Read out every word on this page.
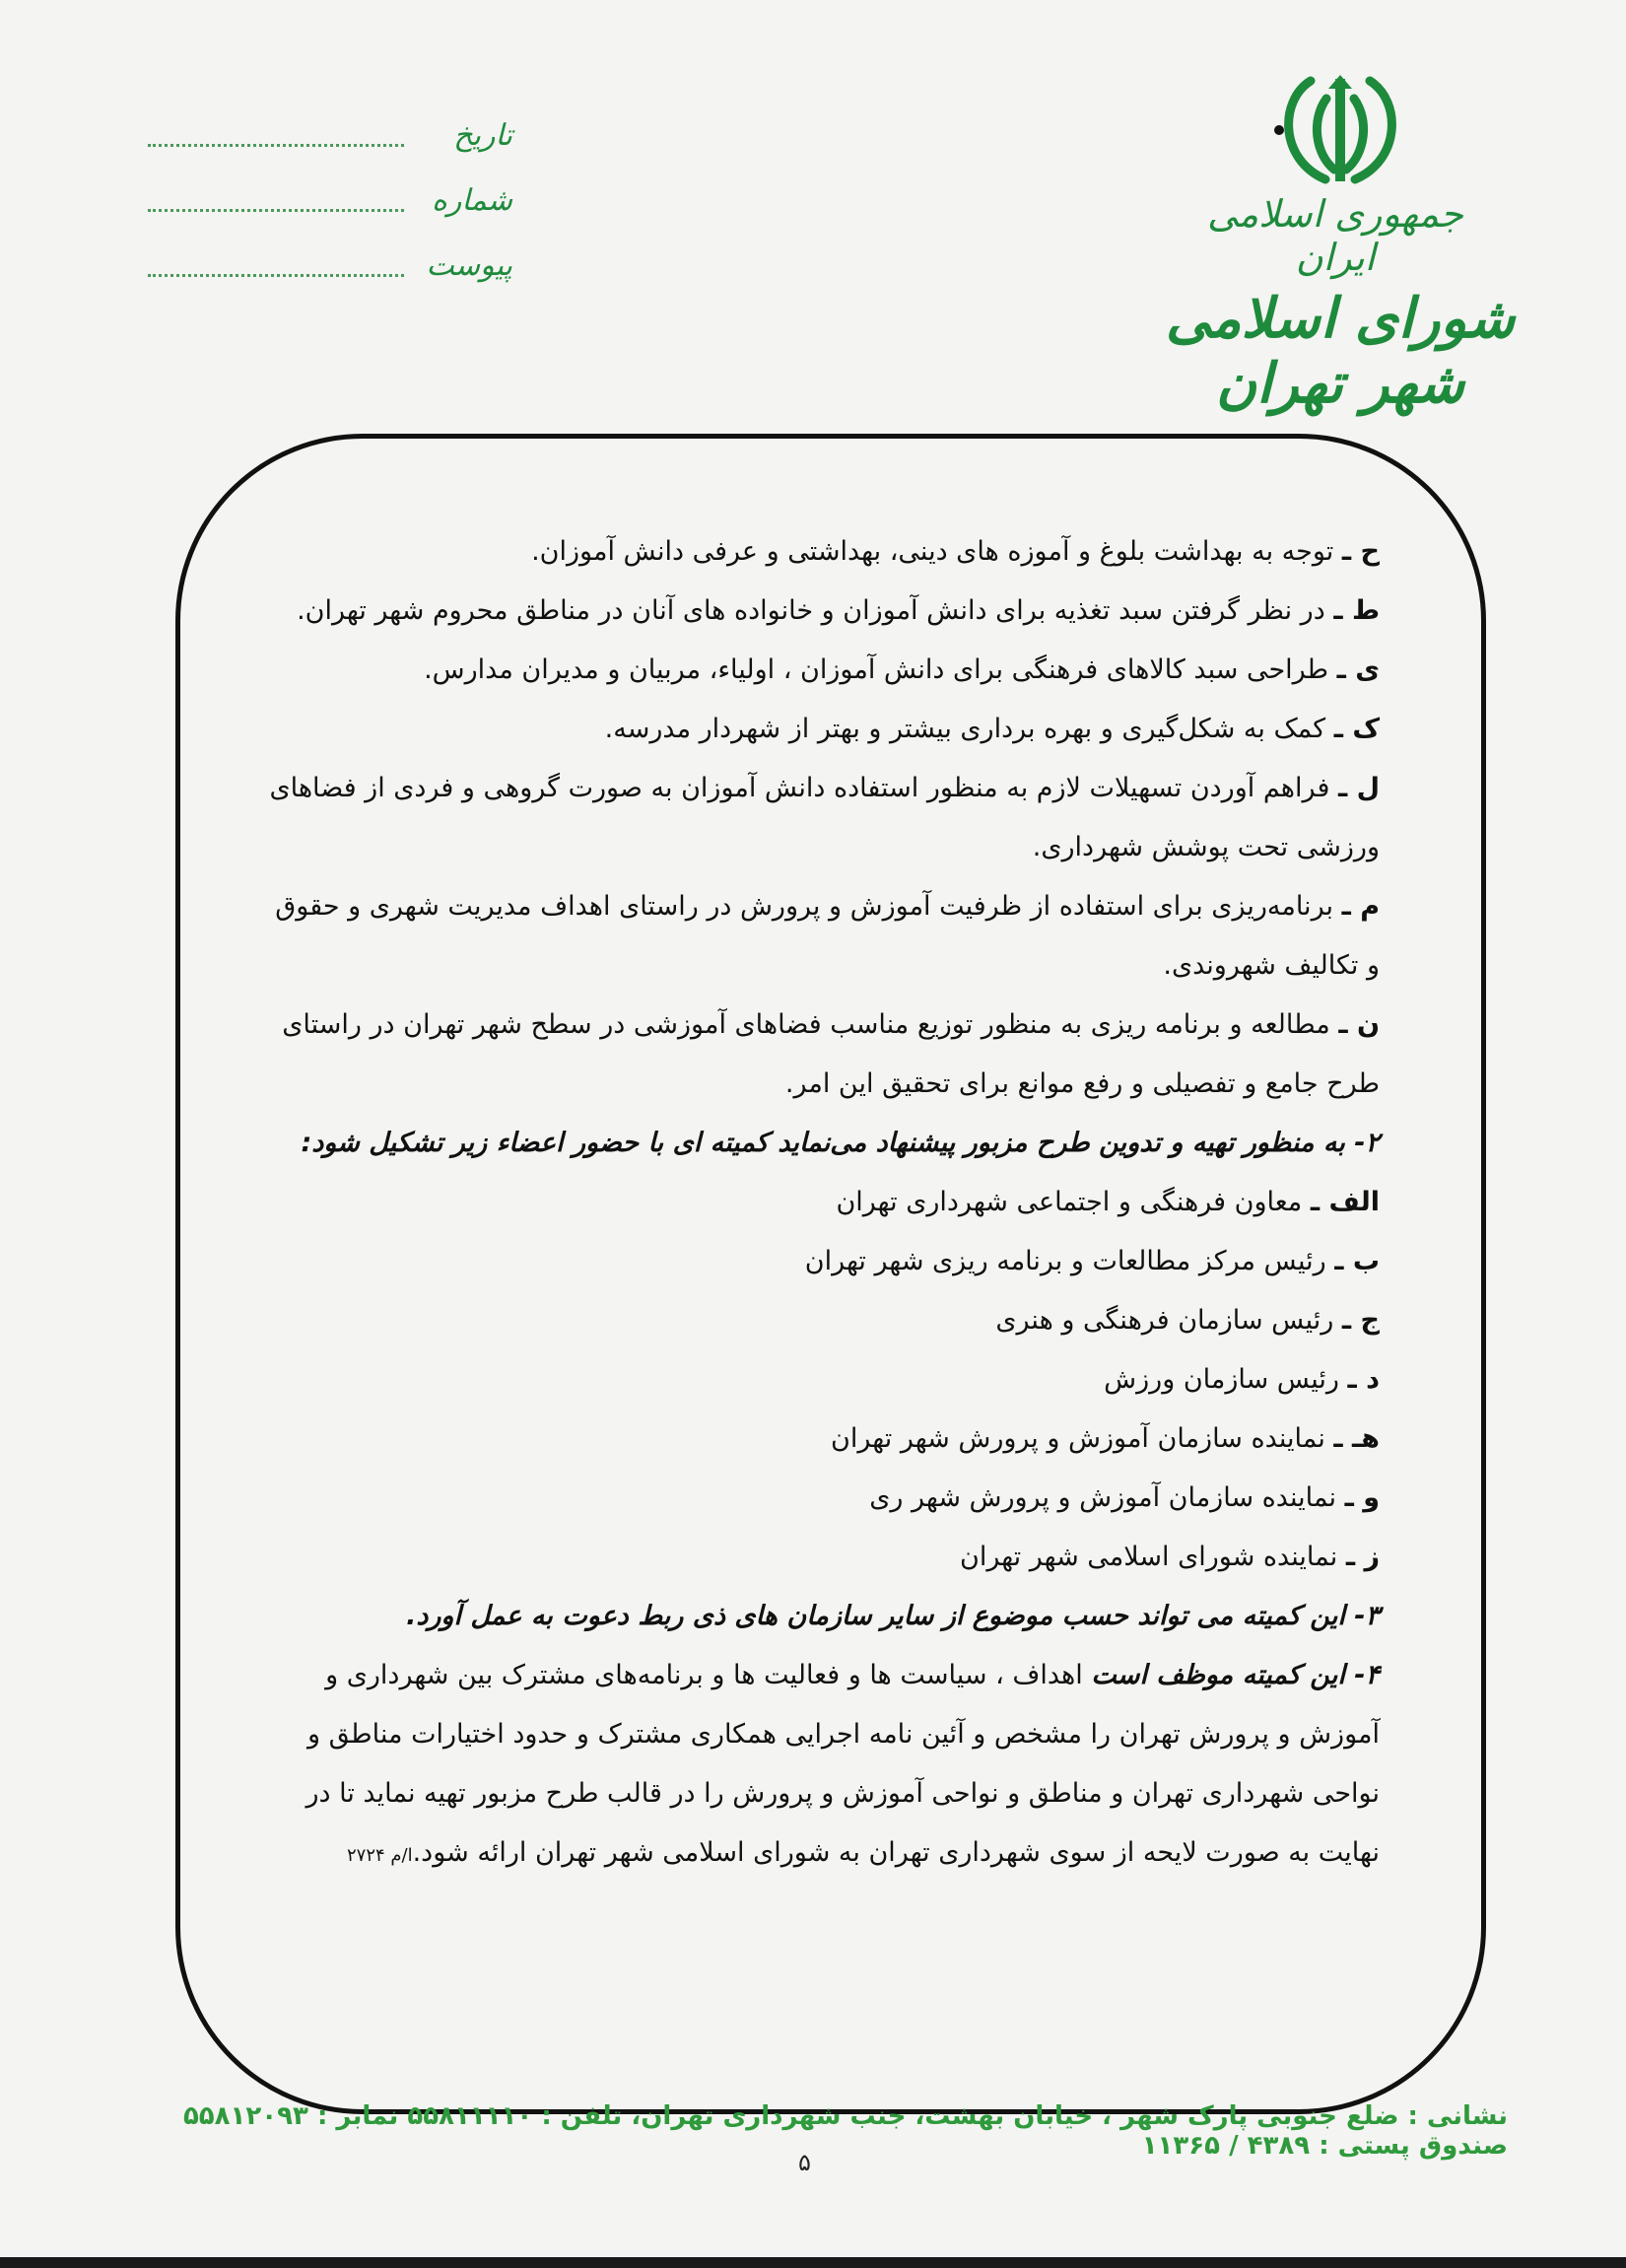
جمهوری اسلامی ایران
شورای اسلامی شهر تهران
تاریخ
شماره
پیوست

ح ـ توجه به بهداشت بلوغ و آموزه های دینی، بهداشتی و عرفی دانش آموزان.

ط ـ در نظر گرفتن سبد تغذیه برای دانش آموزان و خانواده های آنان در مناطق محروم شهر تهران.

ی ـ طراحی سبد کالاهای فرهنگی برای دانش آموزان ، اولیاء، مربیان و مدیران مدارس.

ک ـ کمک به شکل‌گیری و بهره برداری بیشتر و بهتر از شهردار مدرسه.

ل ـ فراهم آوردن تسهیلات لازم به منظور استفاده دانش آموزان به صورت گروهی و فردی از فضاهای ورزشی تحت پوشش شهرداری.

م ـ برنامه‌ریزی برای استفاده از ظرفیت آموزش و پرورش در راستای اهداف مدیریت شهری و حقوق و تکالیف شهروندی.

ن ـ مطالعه و برنامه ریزی به منظور توزیع مناسب فضاهای آموزشی در سطح شهر تهران در راستای طرح جامع و تفصیلی و رفع موانع برای تحقیق این امر.

۲- به منظور تهیه و تدوین طرح مزبور پیشنهاد می‌نماید کمیته ای با حضور اعضاء زیر تشکیل شود:

الف ـ معاون فرهنگی و اجتماعی شهرداری تهران

ب ـ رئیس مرکز مطالعات و برنامه ریزی شهر تهران

ج ـ رئیس سازمان فرهنگی و هنری

د ـ رئیس سازمان ورزش

هـ ـ نماینده سازمان آموزش و پرورش شهر تهران

و ـ نماینده سازمان آموزش و پرورش شهر ری

ز ـ نماینده شورای اسلامی شهر تهران

۳- این کمیته می تواند حسب موضوع از سایر سازمان های ذی ربط دعوت به عمل آورد.

۴- این کمیته موظف است اهداف ، سیاست ها و فعالیت ها و برنامه‌های مشترک بین شهرداری و آموزش و پرورش تهران را مشخص و آئین نامه اجرایی همکاری مشترک و حدود اختیارات مناطق و نواحی شهرداری تهران و مناطق و نواحی آموزش و پرورش را در قالب طرح مزبور تهیه نماید تا در نهایت به صورت لایحه از سوی شهرداری تهران به شورای اسلامی شهر تهران ارائه شود.ا/م ۲۷۲۴

نشانی : ضلع جنوبی پارک شهر ، خیابان بهشت، جنب شهرداری تهران، تلفن : ۵۵۸۱۱۱۱۰ نمابر : ۵۵۸۱۲۰۹۳ صندوق پستی : ۴۳۸۹ / ۱۱۳۶۵
۵
